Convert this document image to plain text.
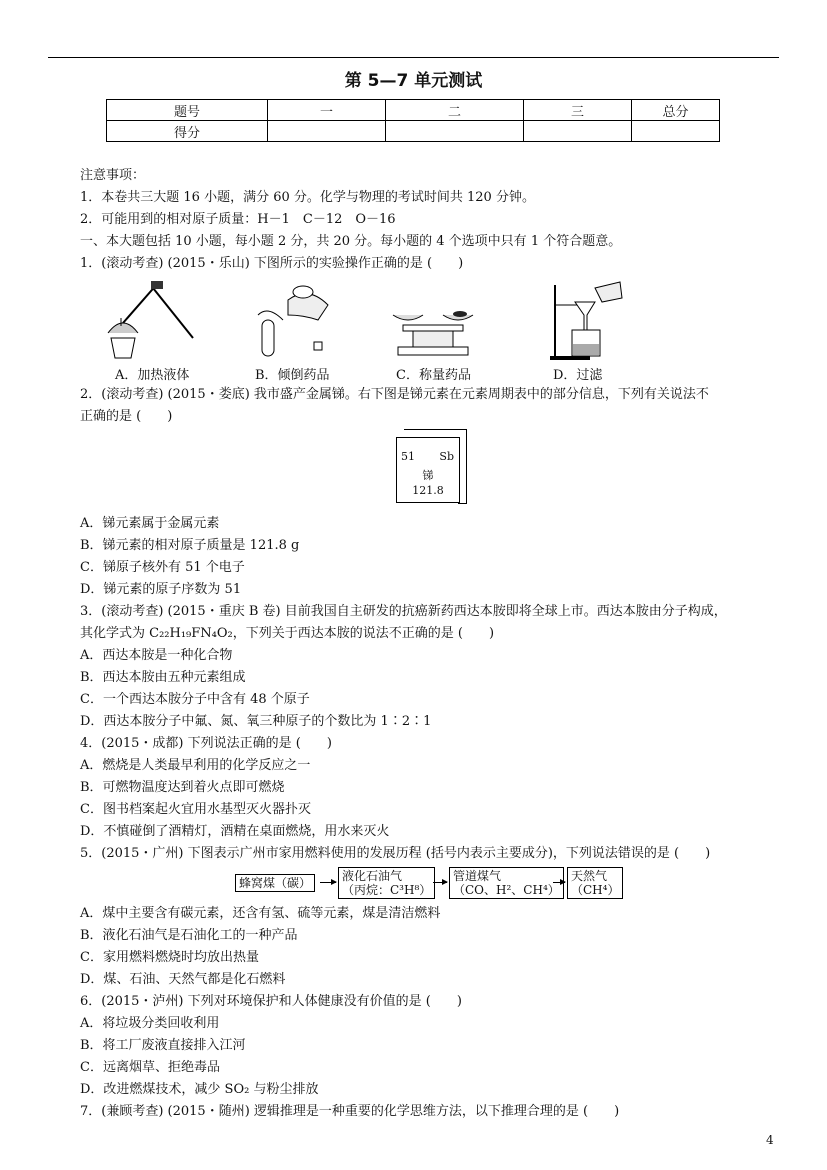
第 5—7 单元测试
题号	一	二	三	总分
得分				
注意事项：
1．本卷共三大题 16 小题，满分 60 分。化学与物理的考试时间共 120 分钟。
2．可能用到的相对原子质量：H－1　C－12　O－16
一、本大题包括 10 小题，每小题 2 分，共 20 分。每小题的 4 个选项中只有 1 个符合题意。
1．(滚动考查) (2015・乐山) 下图所示的实验操作正确的是 (　　)
A．加热液体	B．倾倒药品	C．称量药品	D．过滤
2．(滚动考查) (2015・娄底) 我市盛产金属锑。右下图是锑元素在元素周期表中的部分信息，下列有关说法不
正确的是 (　　)
51 Sb
锑
121.8
A．锑元素属于金属元素
B．锑元素的相对原子质量是 121.8 g
C．锑原子核外有 51 个电子
D．锑元素的原子序数为 51
3．(滚动考查) (2015・重庆 B 卷) 目前我国自主研发的抗癌新药西达本胺即将全球上市。西达本胺由分子构成，
其化学式为 C₂₂H₁₉FN₄O₂，下列关于西达本胺的说法不正确的是 (　　)
A．西达本胺是一种化合物
B．西达本胺由五种元素组成
C．一个西达本胺分子中含有 48 个原子
D．西达本胺分子中氟、氮、氧三种原子的个数比为 1∶2∶1
4．(2015・成都) 下列说法正确的是 (　　)
A．燃烧是人类最早利用的化学反应之一
B．可燃物温度达到着火点即可燃烧
C．图书档案起火宜用水基型灭火器扑灭
D．不慎碰倒了酒精灯，酒精在桌面燃烧，用水来灭火
5．(2015・广州) 下图表示广州市家用燃料使用的发展历程 (括号内表示主要成分)，下列说法错误的是 (　　)
蜂窝煤（碳）	液化石油气
（丙烷：C³H⁸）
管道煤气
（CO、H²、CH⁴）
天然气
（CH⁴）
A．煤中主要含有碳元素，还含有氢、硫等元素，煤是清洁燃料
B．液化石油气是石油化工的一种产品
C．家用燃料燃烧时均放出热量
D．煤、石油、天然气都是化石燃料
6．(2015・泸州) 下列对环境保护和人体健康没有价值的是 (　　)
A．将垃圾分类回收利用
B．将工厂废液直接排入江河
C．远离烟草、拒绝毒品
D．改进燃煤技术，减少 SO₂ 与粉尘排放
7．(兼顾考查) (2015・随州) 逻辑推理是一种重要的化学思维方法，以下推理合理的是 (　　)
4
